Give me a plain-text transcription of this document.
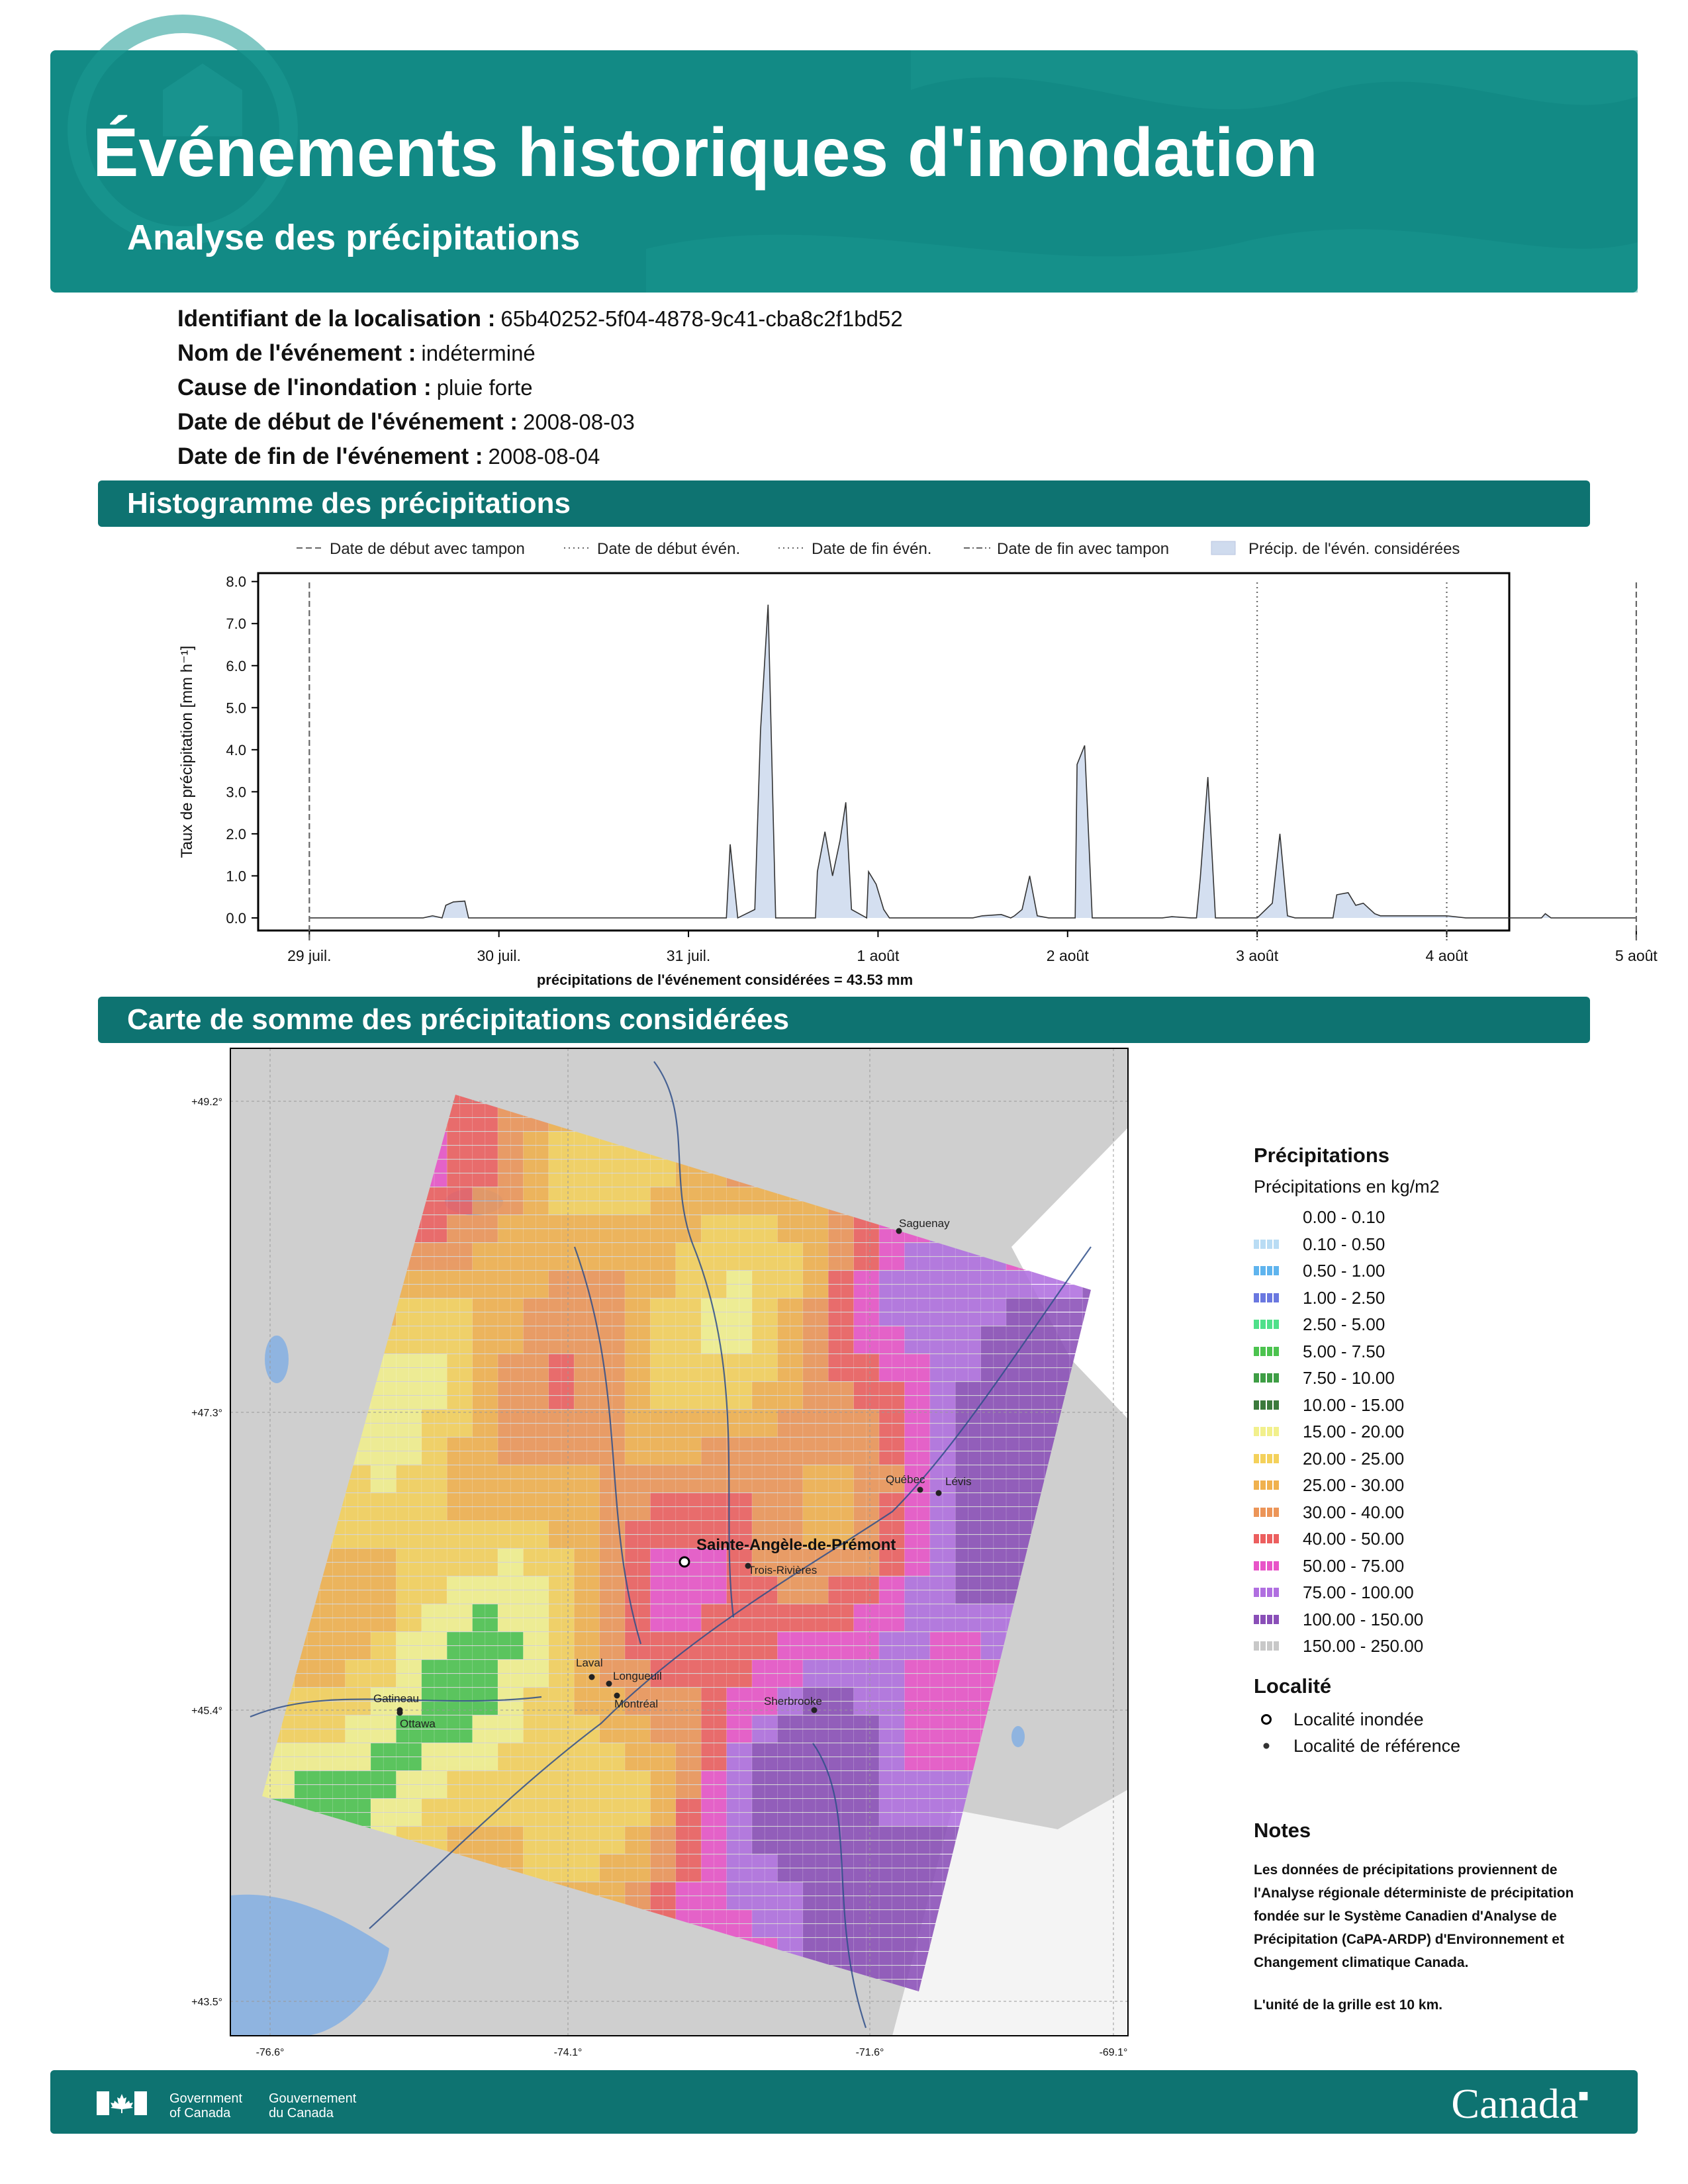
Événements historiques d'inondation
Analyse des précipitations
Identifiant de la localisation : 65b40252-5f04-4878-9c41-cba8c2f1bd52
Nom de l'événement : indéterminé
Cause de l'inondation : pluie forte
Date de début de l'événement : 2008-08-03
Date de fin de l'événement : 2008-08-04
Histogramme des précipitations
Date de début avec tampon	Date de début évén.	Date de fin évén.	Date de fin avec tampon	Précip. de l'évén. considérées
0.0
1.0
2.0
3.0
4.0
5.0
6.0
7.0
8.0
Taux de précipitation [mm h⁻¹]
29 juil.	30 juil.	31 juil.	1 août	2 août	3 août	4 août	5 août
précipitations de l'événement considérées = 43.53 mm
Carte de somme des précipitations considérées
+49.2°
+47.3°
+45.4°
+43.5°
-76.6°	-74.1°	-71.6°	-69.1°
Saguenay
Québec Lévis
Trois-Rivières
Laval
Longueuil
Montréal
Gatineau
Ottawa
Sherbrooke
Sainte-Angèle-de-Prémont
Précipitations
Précipitations en kg/m2
0.00 - 0.10
0.10 - 0.50
0.50 - 1.00
1.00 - 2.50
2.50 - 5.00
5.00 - 7.50
7.50 - 10.00
10.00 - 15.00
15.00 - 20.00
20.00 - 25.00
25.00 - 30.00
30.00 - 40.00
40.00 - 50.00
50.00 - 75.00
75.00 - 100.00
100.00 - 150.00
150.00 - 250.00
Localité
Localité inondée
Localité de référence
Notes
Les données de précipitations proviennent de l'Analyse régionale déterministe de précipitation fondée sur le Système Canadien d'Analyse de Précipitation (CaPA-ARDP) d'Environnement et Changement climatique Canada.
L'unité de la grille est 10 km.
Government
of Canada
Gouvernement
du Canada	Canada■
